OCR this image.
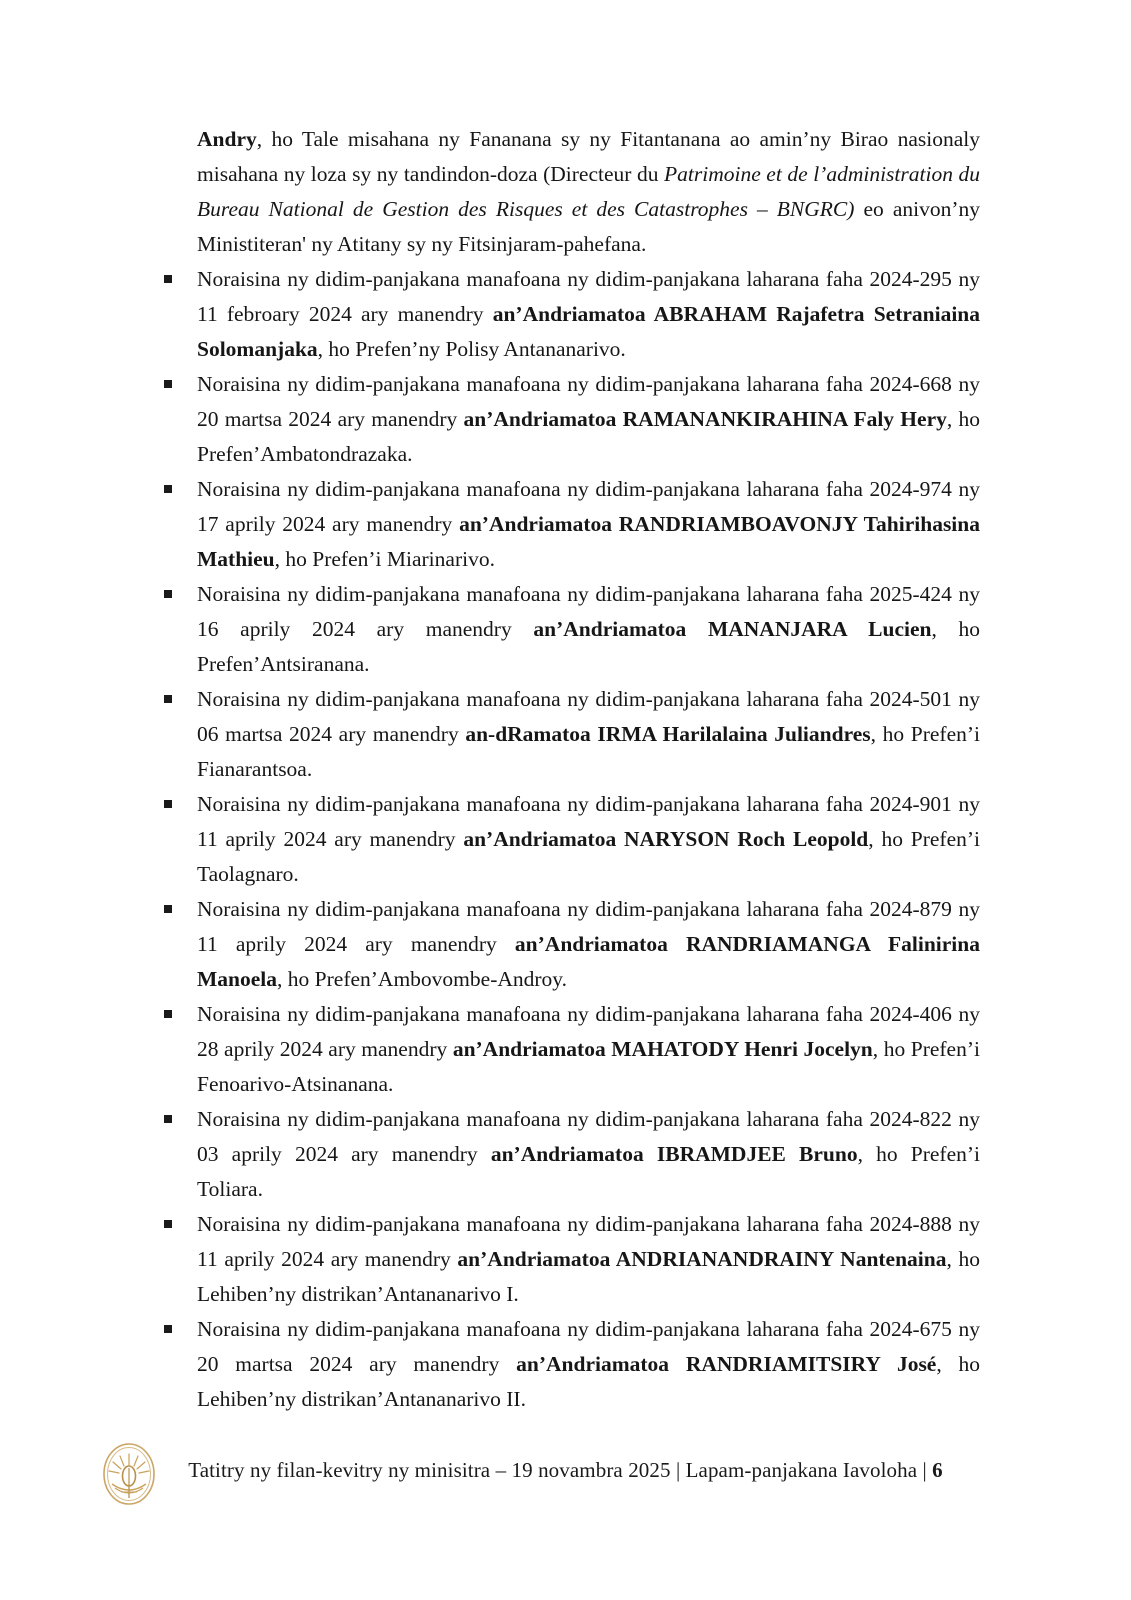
Andry, ho Tale misahana ny Fananana sy ny Fitantanana ao amin’ny Birao nasionaly misahana ny loza sy ny tandindon-doza (Directeur du Patrimoine et de l’administration du Bureau National de Gestion des Risques et des Catastrophes – BNGRC) eo anivon’ny Ministiteran' ny Atitany sy ny Fitsinjaram-pahefana.

Noraisina ny didim-panjakana manafoana ny didim-panjakana laharana faha 2024-295 ny 11 febroary 2024 ary manendry an’Andriamatoa ABRAHAM Rajafetra Setraniaina Solomanjaka, ho Prefen’ny Polisy Antananarivo.
Noraisina ny didim-panjakana manafoana ny didim-panjakana laharana faha 2024-668 ny 20 martsa 2024 ary manendry an’Andriamatoa RAMANANKIRAHINA Faly Hery, ho Prefen’Ambatondrazaka.
Noraisina ny didim-panjakana manafoana ny didim-panjakana laharana faha 2024-974 ny 17 aprily 2024 ary manendry an’Andriamatoa RANDRIAMBOAVONJY Tahirihasina Mathieu, ho Prefen’i Miarinarivo.
Noraisina ny didim-panjakana manafoana ny didim-panjakana laharana faha 2025-424 ny 16 aprily 2024 ary manendry an’Andriamatoa MANANJARA Lucien, ho Prefen’Antsiranana.
Noraisina ny didim-panjakana manafoana ny didim-panjakana laharana faha 2024-501 ny 06 martsa 2024 ary manendry an-dRamatoa IRMA Harilalaina Juliandres, ho Prefen’i Fianarantsoa.
Noraisina ny didim-panjakana manafoana ny didim-panjakana laharana faha 2024-901 ny 11 aprily 2024 ary manendry an’Andriamatoa NARYSON Roch Leopold, ho Prefen’i Taolagnaro.
Noraisina ny didim-panjakana manafoana ny didim-panjakana laharana faha 2024-879 ny 11 aprily 2024 ary manendry an’Andriamatoa RANDRIAMANGA Falinirina Manoela, ho Prefen’Ambovombe-Androy.
Noraisina ny didim-panjakana manafoana ny didim-panjakana laharana faha 2024-406 ny 28 aprily 2024 ary manendry an’Andriamatoa MAHATODY Henri Jocelyn, ho Prefen’i Fenoarivo-Atsinanana.
Noraisina ny didim-panjakana manafoana ny didim-panjakana laharana faha 2024-822 ny 03 aprily 2024 ary manendry an’Andriamatoa IBRAMDJEE Bruno, ho Prefen’i Toliara.
Noraisina ny didim-panjakana manafoana ny didim-panjakana laharana faha 2024-888 ny 11 aprily 2024 ary manendry an’Andriamatoa ANDRIANANDRAINY Nantenaina, ho Lehiben’ny distrikan’Antananarivo I.
Noraisina ny didim-panjakana manafoana ny didim-panjakana laharana faha 2024-675 ny 20 martsa 2024 ary manendry an’Andriamatoa RANDRIAMITSIRY José, ho Lehiben’ny distrikan’Antananarivo II.
Tatitry ny filan-kevitry ny minisitra – 19 novambra 2025 | Lapam-panjakana Iavoloha | 6
